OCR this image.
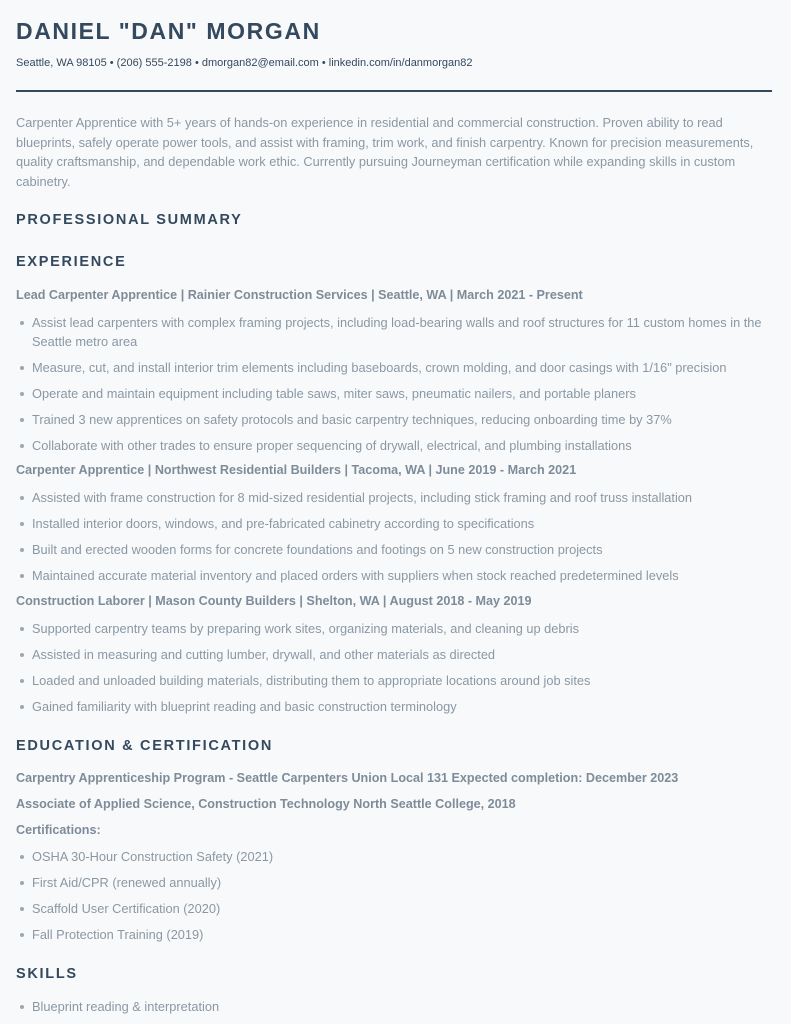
DANIEL "DAN" MORGAN

Seattle, WA 98105 • (206) 555-2198 • dmorgan82@email.com • linkedin.com/in/danmorgan82

Carpenter Apprentice with 5+ years of hands-on experience in residential and commercial construction. Proven ability to read blueprints, safely operate power tools, and assist with framing, trim work, and finish carpentry. Known for precision measurements, quality craftsmanship, and dependable work ethic. Currently pursuing Journeyman certification while expanding skills in custom cabinetry.

PROFESSIONAL SUMMARY
EXPERIENCE
Lead Carpenter Apprentice | Rainier Construction Services | Seattle, WA | March 2021 - Present
Assist lead carpenters with complex framing projects, including load-bearing walls and roof structures for 11 custom homes in the Seattle metro area
Measure, cut, and install interior trim elements including baseboards, crown molding, and door casings with 1/16" precision
Operate and maintain equipment including table saws, miter saws, pneumatic nailers, and portable planers
Trained 3 new apprentices on safety protocols and basic carpentry techniques, reducing onboarding time by 37%
Collaborate with other trades to ensure proper sequencing of drywall, electrical, and plumbing installations
Carpenter Apprentice | Northwest Residential Builders | Tacoma, WA | June 2019 - March 2021
Assisted with frame construction for 8 mid-sized residential projects, including stick framing and roof truss installation
Installed interior doors, windows, and pre-fabricated cabinetry according to specifications
Built and erected wooden forms for concrete foundations and footings on 5 new construction projects
Maintained accurate material inventory and placed orders with suppliers when stock reached predetermined levels
Construction Laborer | Mason County Builders | Shelton, WA | August 2018 - May 2019
Supported carpentry teams by preparing work sites, organizing materials, and cleaning up debris
Assisted in measuring and cutting lumber, drywall, and other materials as directed
Loaded and unloaded building materials, distributing them to appropriate locations around job sites
Gained familiarity with blueprint reading and basic construction terminology
EDUCATION & CERTIFICATION
Carpentry Apprenticeship Program - Seattle Carpenters Union Local 131 Expected completion: December 2023
Associate of Applied Science, Construction Technology North Seattle College, 2018
Certifications:
OSHA 30-Hour Construction Safety (2021)
First Aid/CPR (renewed annually)
Scaffold User Certification (2020)
Fall Protection Training (2019)
SKILLS
Blueprint reading & interpretation
